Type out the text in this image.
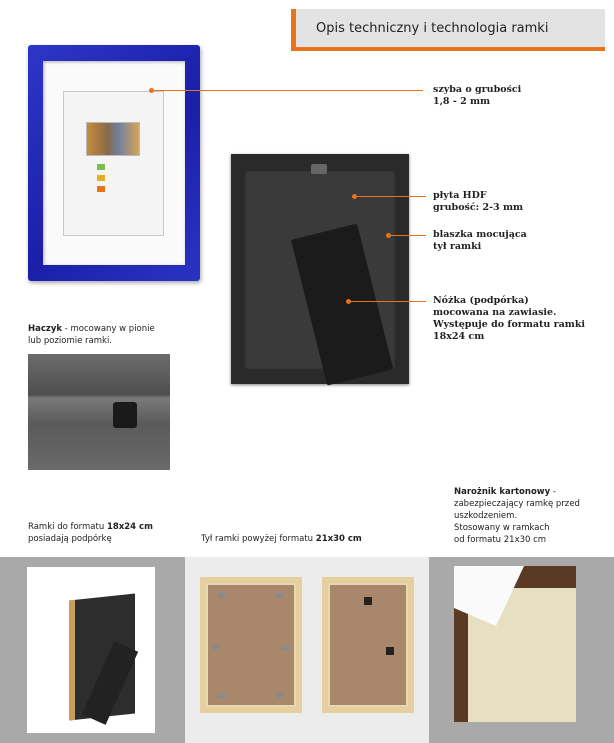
Opis techniczny i technologia ramki
szyba o grubości
1,8 - 2 mm
płyta HDF
grubość: 2-3 mm
blaszka mocująca
tył ramki
Nóżka (podpórka)
mocowana na zawiasie.
Występuje do formatu ramki
18x24 cm
Haczyk - mocowany w pionie
lub poziomie ramki.
Ramki do formatu 18x24 cm
posiadają podpórkę	Tył ramki powyżej formatu 21x30 cm
Narożnik kartonowy -
zabezpieczający ramkę przed
uszkodzeniem.
Stosowany w ramkach
od formatu 21x30 cm
